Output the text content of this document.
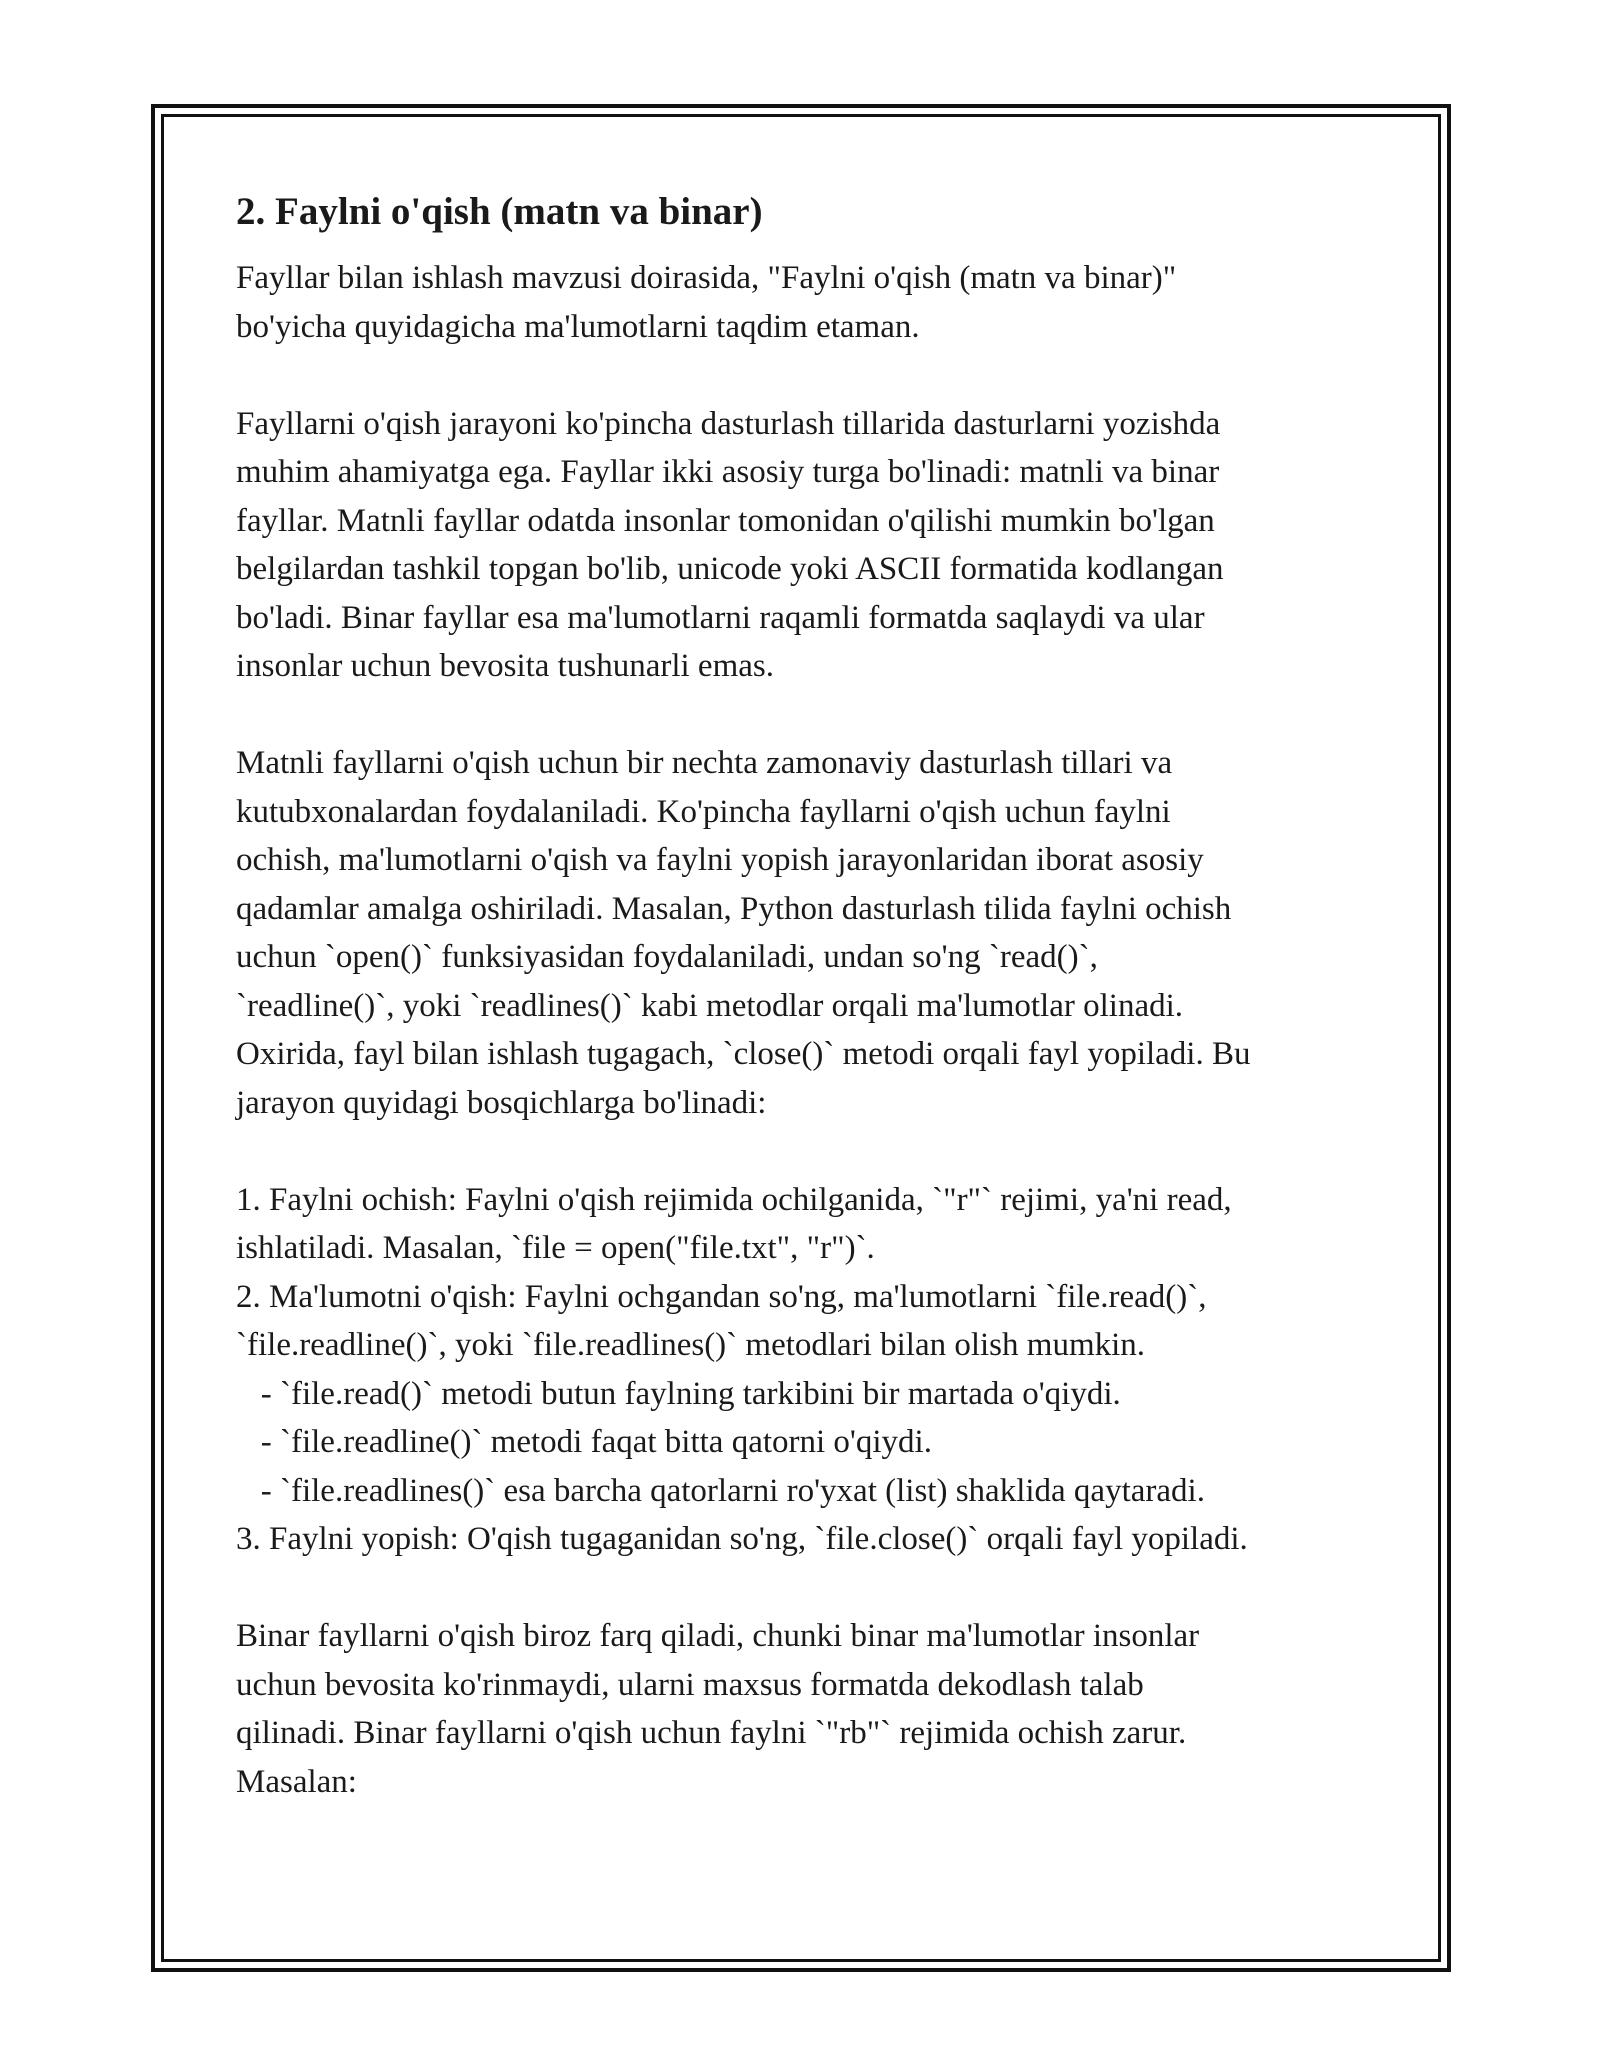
2. Faylni o'qish (matn va binar)

Fayllar bilan ishlash mavzusi doirasida, "Faylni o'qish (matn va binar)"
bo'yicha quyidagicha ma'lumotlarni taqdim etaman.

Fayllarni o'qish jarayoni ko'pincha dasturlash tillarida dasturlarni yozishda
muhim ahamiyatga ega. Fayllar ikki asosiy turga bo'linadi: matnli va binar
fayllar. Matnli fayllar odatda insonlar tomonidan o'qilishi mumkin bo'lgan
belgilardan tashkil topgan bo'lib, unicode yoki ASCII formatida kodlangan
bo'ladi. Binar fayllar esa ma'lumotlarni raqamli formatda saqlaydi va ular
insonlar uchun bevosita tushunarli emas.

Matnli fayllarni o'qish uchun bir nechta zamonaviy dasturlash tillari va
kutubxonalardan foydalaniladi. Ko'pincha fayllarni o'qish uchun faylni
ochish, ma'lumotlarni o'qish va faylni yopish jarayonlaridan iborat asosiy
qadamlar amalga oshiriladi. Masalan, Python dasturlash tilida faylni ochish
uchun `open()` funksiyasidan foydalaniladi, undan so'ng `read()`,
`readline()`, yoki `readlines()` kabi metodlar orqali ma'lumotlar olinadi.
Oxirida, fayl bilan ishlash tugagach, `close()` metodi orqali fayl yopiladi. Bu
jarayon quyidagi bosqichlarga bo'linadi:

1. Faylni ochish: Faylni o'qish rejimida ochilganida, `"r"` rejimi, ya'ni read,
ishlatiladi. Masalan, `file = open("file.txt", "r")`.
2. Ma'lumotni o'qish: Faylni ochgandan so'ng, ma'lumotlarni `file.read()`,
`file.readline()`, yoki `file.readlines()` metodlari bilan olish mumkin.
- `file.read()` metodi butun faylning tarkibini bir martada o'qiydi.
- `file.readline()` metodi faqat bitta qatorni o'qiydi.
- `file.readlines()` esa barcha qatorlarni ro'yxat (list) shaklida qaytaradi.
3. Faylni yopish: O'qish tugaganidan so'ng, `file.close()` orqali fayl yopiladi.

Binar fayllarni o'qish biroz farq qiladi, chunki binar ma'lumotlar insonlar
uchun bevosita ko'rinmaydi, ularni maxsus formatda dekodlash talab
qilinadi. Binar fayllarni o'qish uchun faylni `"rb"` rejimida ochish zarur.
Masalan:
